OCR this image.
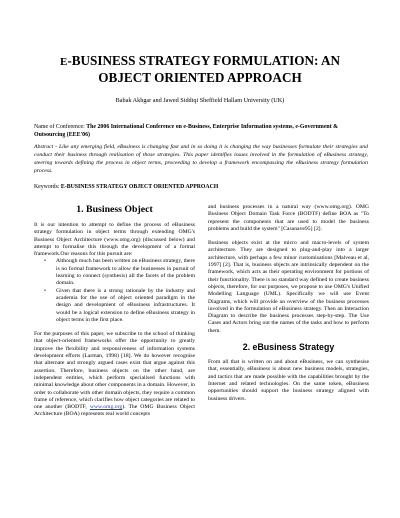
E-BUSINESS STRATEGY FORMULATION: AN
OBJECT ORIENTED APPROACH
Babak Akhgar and Jawed Siddiqi Sheffield Hallam University (UK)
Name of Conference: The 2006 International Conference on e-Business, Enterprise Information systems, e-Government & Outsourcing (EEE'06)
Abstract - Like any emerging field, eBusiness is changing fast and in so doing it is changing the way businesses formulate their strategies and conduct their business through realisation of those strategies. This paper identifies issues involved in the formulation of eBusiness strategy, steering towards defining the process in object terms, proceeding to develop a framework encompassing the eBusiness strategy formulation process.
Keywords: E-BUSINESS STRATEGY OBJECT ORIENTED APPROACH
1. Business Object

It is our intention to attempt to define the process of eBusiness strategy formulation in object terms through extending OMG's Business Object Architecture (www.omg.org) (discussed below) and attempt to formalise this through the development of a formal framework.Our reasons for this pursuit are:

• Although much has been written on eBusiness strategy, there is no formal framework to allow the businesses in pursuit of learning to connect (synthesis) all the facets of the problem domain.
• Given that there is a strong rationale by the industry and academia for the use of object oriented paradigm in the design and development of eBusiness infrastructures. It would be a logical extension to define eBusiness strategy in object terms in the first place.

For the purposes of this paper, we subscribe to the school of thinking that object-oriented frameworks offer the opportunity to greatly improve the flexibility and responsiveness of information systems development efforts (Larman, 1998) [18]. We do however recognise that alternate and strongly argued cases exist that argue against this assertion. Therefore, business objects on the other hand, are independent entities, which perform specialised functions with minimal knowledge about other components in a domain. However, in order to collaborate with other domain objects, they require a common frame of reference, which clarifies how object categories are related to one another (BODTF, www.omg.org). The OMG Business Object Architecture (BOA) represents real world concepts

and business processes in a natural way (www.omg.org). OMG Business Object Domain Task Force (BODTF) define BOA as "To represent the components that are used to model the business problems and build the system" [Casanave95] [2].

Business objects exist at the micro and macro-levels of system architecture. They are designed to plug-and-play into a larger architecture, with perhaps a few minor customisations [Malveau et al, 1997] [2]. That is, business objects are intrinsically dependent on the framework, which acts as their operating environment for portions of their functionality. There is no standard way defined to create business objects, therefore, for our purposes, we propose to use OMG's Unified Modelling Language (UML). Specifically we will use Event Diagrams, which will provide an overview of the business processes involved in the formulation of eBusiness strategy. Then an Interaction Diagram to describe the business processes step-by-step. The Use Cases and Actors bring out the names of the tasks and how to perform them.

2. eBusiness Strategy

From all that is written on and about eBusiness, we can synthesise that, essentially, eBusiness is about new business models, strategies, and tactics that are made possible with the capabilities brought by the Internet and related technologies. On the same token, eBusiness opportunities should support the business strategy aligned with business drivers.
